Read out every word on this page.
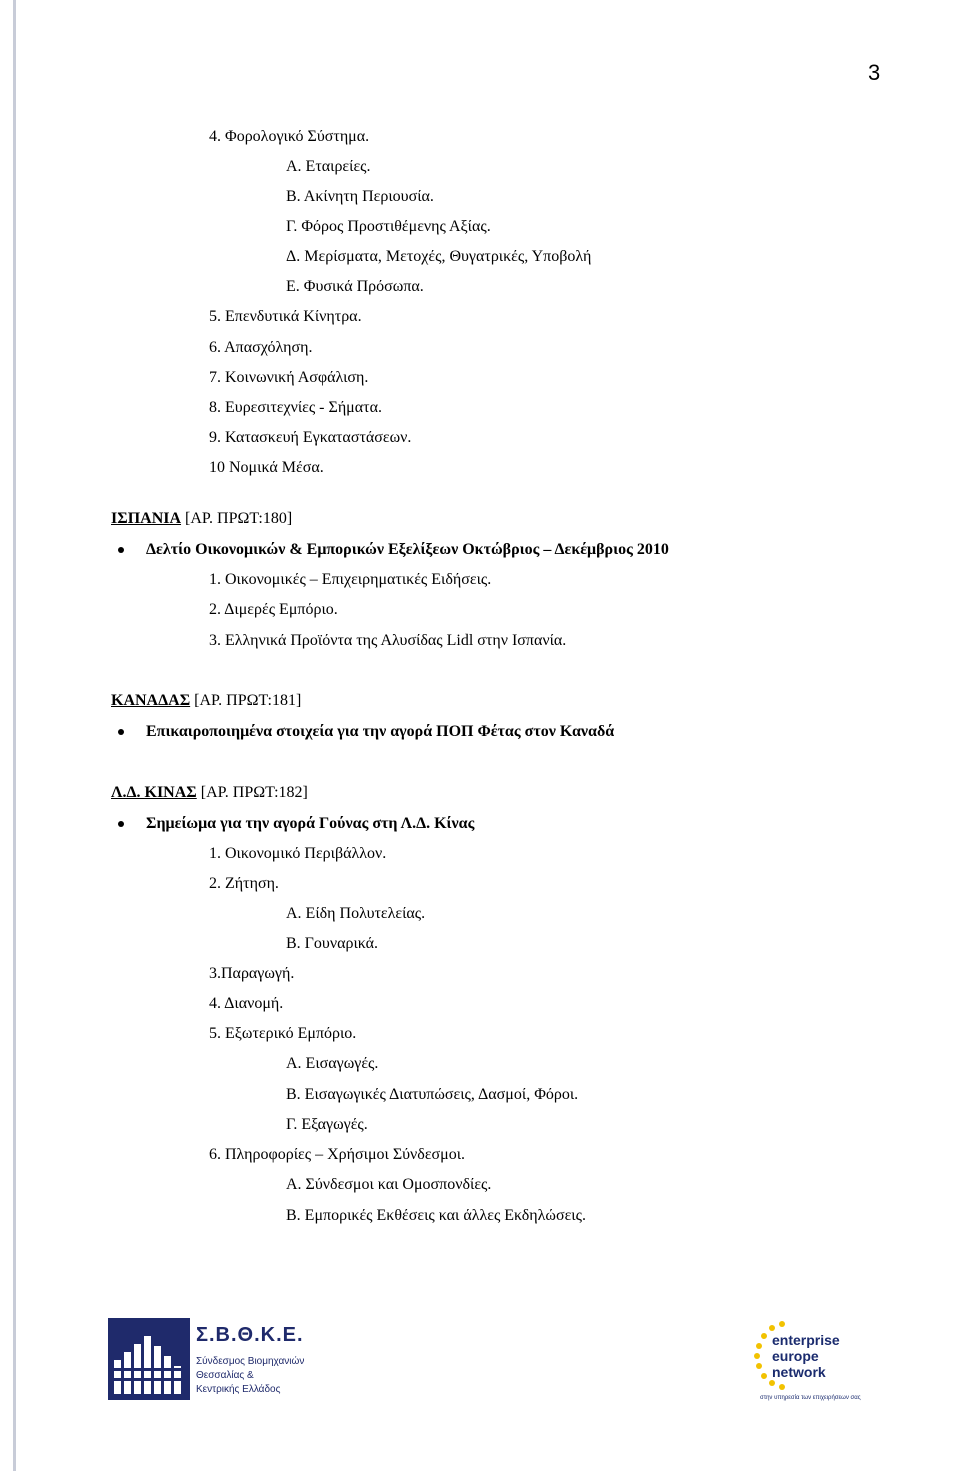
3
4. Φορολογικό Σύστημα.
Α. Εταιρείες.
Β. Ακίνητη Περιουσία.
Γ. Φόρος Προστιθέμενης Αξίας.
Δ. Μερίσματα, Μετοχές, Θυγατρικές, Υποβολή
Ε. Φυσικά Πρόσωπα.
5. Επενδυτικά Κίνητρα.
6. Απασχόληση.
7. Κοινωνική Ασφάλιση.
8. Ευρεσιτεχνίες - Σήματα.
9. Κατασκευή Εγκαταστάσεων.
10 Νομικά Μέσα.
ΙΣΠΑΝΙΑ [ΑΡ. ΠΡΩΤ:180]
Δελτίο Οικονομικών & Εμπορικών Εξελίξεων Οκτώβριος – Δεκέμβριος 2010
1. Οικονομικές – Επιχειρηματικές Ειδήσεις.
2. Διμερές Εμπόριο.
3. Ελληνικά Προϊόντα της Αλυσίδας Lidl στην Ισπανία.
ΚΑΝΑΔΑΣ [ΑΡ. ΠΡΩΤ:181]
Επικαιροποιημένα στοιχεία για την αγορά ΠΟΠ Φέτας στον Καναδά
Λ.Δ. ΚΙΝΑΣ [ΑΡ. ΠΡΩΤ:182]
Σημείωμα για την αγορά Γούνας στη Λ.Δ. Κίνας
1. Οικονομικό Περιβάλλον.
2. Ζήτηση.
Α. Είδη Πολυτελείας.
Β. Γουναρικά.
3.Παραγωγή.
4. Διανομή.
5. Εξωτερικό Εμπόριο.
Α. Εισαγωγές.
Β. Εισαγωγικές Διατυπώσεις, Δασμοί, Φόροι.
Γ. Εξαγωγές.
6. Πληροφορίες – Χρήσιμοι Σύνδεσμοι.
Α. Σύνδεσμοι και Ομοσπονδίες.
Β. Εμπορικές Εκθέσεις και άλλες Εκδηλώσεις.
Σ.Β.Θ.Κ.Ε.
Σύνδεσμος Βιομηχανιών
Θεσσαλίας &
Κεντρικής Ελλάδος
enterprise
europe
network
στην υπηρεσία των επιχειρήσεων σας
